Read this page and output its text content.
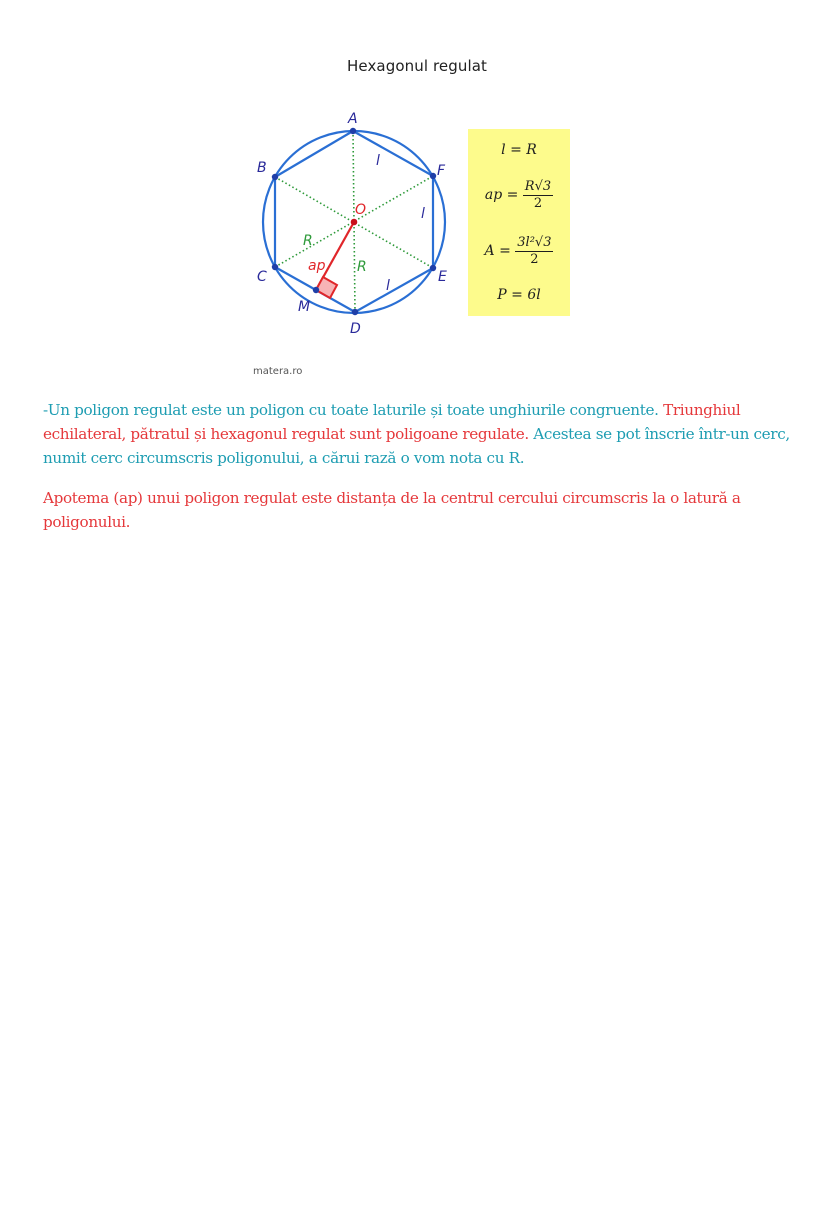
Hexagonul regulat
A
B	F
C	E
D
M
O
l
l
l
R
R
ap
l = R
ap = $\frac{R√3}{2}$
$A = \frac{\text{3l²√3}}{2}$
P = 6l
matera.ro
-Un poligon regulat este un poligon cu toate laturile și toate unghiurile congruente. Triunghiul echilateral, pătratul și hexagonul regulat sunt poligoane regulate. Acestea se pot înscrie într-un cerc, numit cerc circumscris poligonului, a cărui rază o vom nota cu R.
Apotema (ap) unui poligon regulat este distanța de la centrul cercului circumscris la o latură a poligonului.
